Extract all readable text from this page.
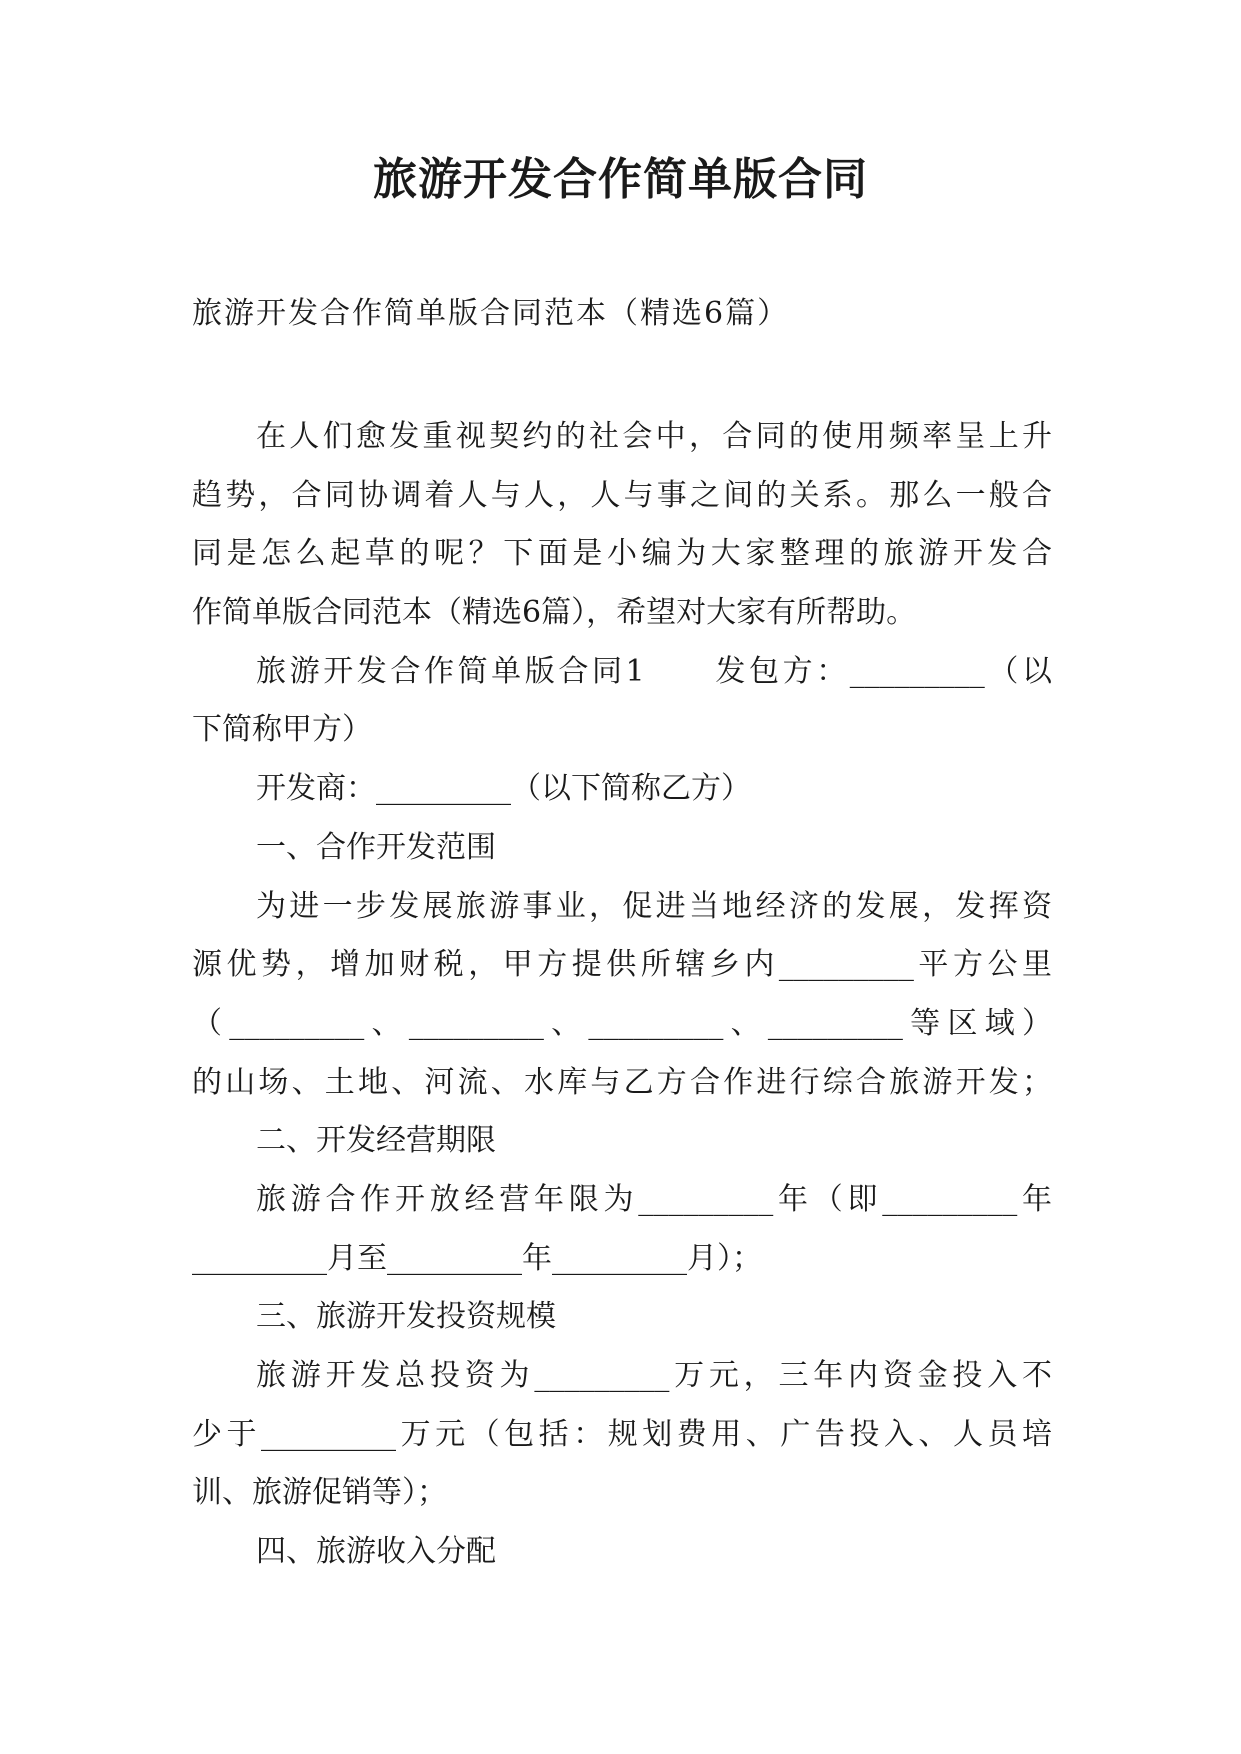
旅游开发合作简单版合同

旅游开发合作简单版合同范本（精选6篇）

在人们愈发重视契约的社会中，合同的使用频率呈上升
趋势，合同协调着人与人，人与事之间的关系。那么一般合
同是怎么起草的呢？下面是小编为大家整理的旅游开发合
作简单版合同范本（精选6篇），希望对大家有所帮助。
旅游开发合作简单版合同1　　发包方：_________（以
下简称甲方）
开发商：_________（以下简称乙方）
一、合作开发范围
为进一步发展旅游事业，促进当地经济的发展，发挥资
源优势，增加财税，甲方提供所辖乡内_________平方公里
（_________、_________、_________、_________等区域）
的山场、土地、河流、水库与乙方合作进行综合旅游开发；
二、开发经营期限
旅游合作开放经营年限为_________年（即_________年
_________月至_________年_________月）；
三、旅游开发投资规模
旅游开发总投资为_________万元，三年内资金投入不
少于_________万元（包括：规划费用、广告投入、人员培
训、旅游促销等）；
四、旅游收入分配
